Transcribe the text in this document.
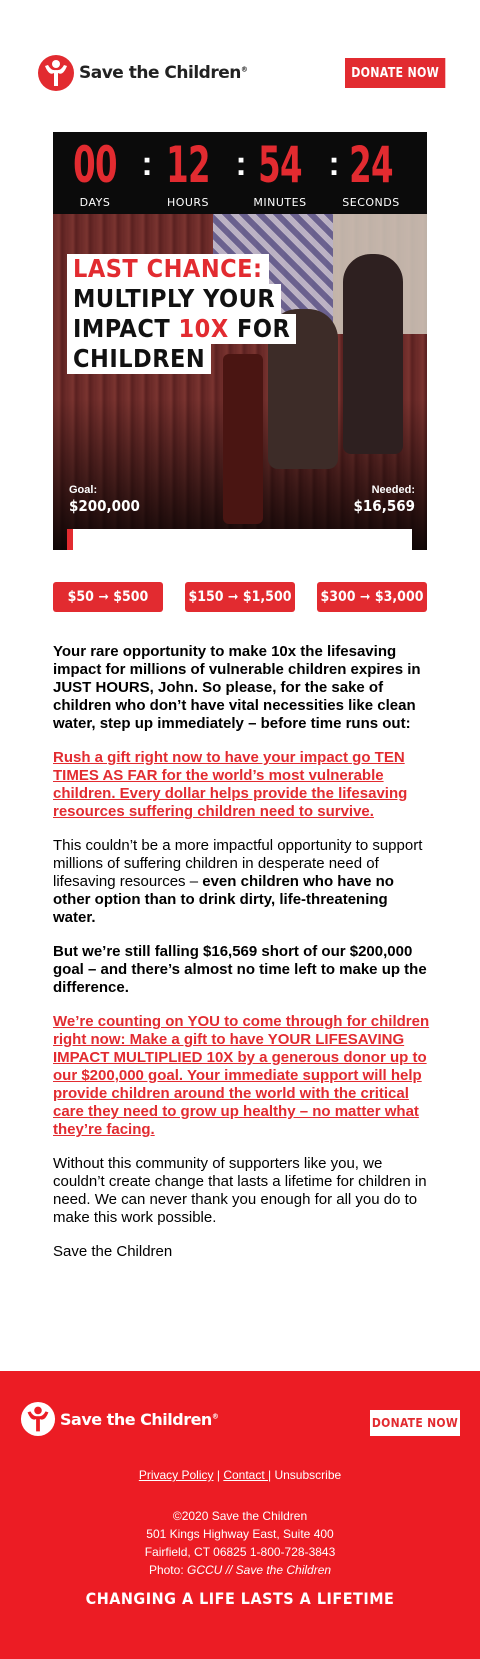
Save the Children®	DONATE NOW
00
DAYS
: 12
HOURS
: 54
MINUTES
: 24
SECONDS
LAST CHANCE:
MULTIPLY YOUR
IMPACT 10X FOR
CHILDREN
Goal:
$200,000
Needed:
$16,569
$50 ➞ $500	$150 ➞ $1,500 $300 ➞ $3,000

Your rare opportunity to make 10x the lifesaving impact for millions of vulnerable children expires in JUST HOURS, John. So please, for the sake of children who don’t have vital necessities like clean water, step up immediately – before time runs out:

Rush a gift right now to have your impact go TEN TIMES AS FAR for the world’s most vulnerable children. Every dollar helps provide the lifesaving resources suffering children need to survive.

This couldn’t be a more impactful opportunity to support millions of suffering children in desperate need of lifesaving resources – even children who have no other option than to drink dirty, life-threatening water.

But we’re still falling $16,569 short of our $200,000 goal – and there’s almost no time left to make up the difference.

We’re counting on YOU to come through for children right now: Make a gift to have YOUR LIFESAVING IMPACT MULTIPLIED 10X by a generous donor up to our $200,000 goal. Your immediate support will help provide children around the world with the critical care they need to grow up healthy – no matter what they’re facing.

Without this community of supporters like you, we couldn’t create change that lasts a lifetime for children in need. We can never thank you enough for all you do to make this work possible.

Save the Children

Save the Children®	DONATE NOW
Privacy Policy | Contact | Unsubscribe
©2020 Save the Children
501 Kings Highway East, Suite 400
Fairfield, CT 06825 1-800-728-3843
Photo: GCCU // Save the Children
CHANGING A LIFE LASTS A LIFETIME
